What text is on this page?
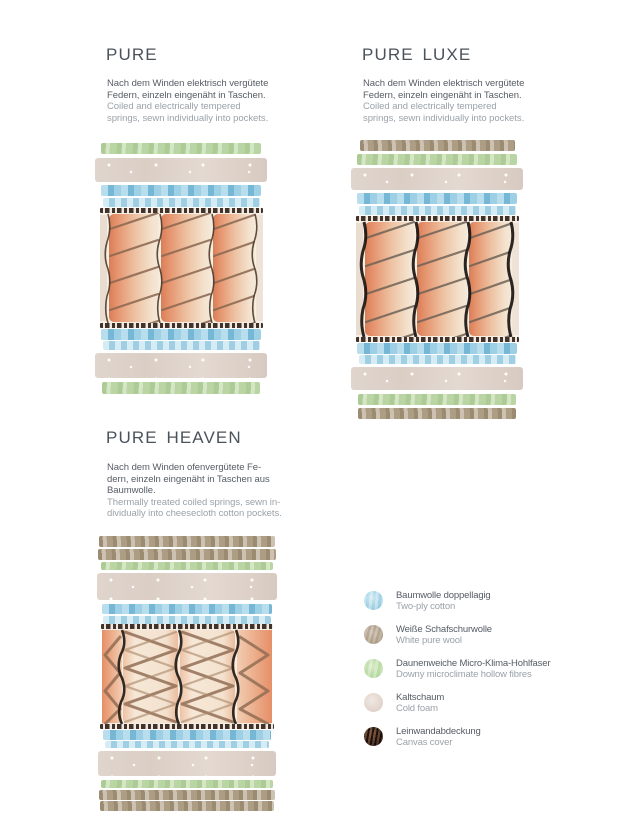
PURE
Nach dem Winden elektrisch vergütete
Federn, einzeln eingenäht in Taschen.
Coiled and electrically tempered
springs, sewn individually into pockets.
PURE LUXE
Nach dem Winden elektrisch vergütete
Federn, einzeln eingenäht in Taschen.
Coiled and electrically tempered
springs, sewn individually into pockets.
PURE HEAVEN
Nach dem Winden ofenvergütete Fe-
dern, einzeln eingenäht in Taschen aus
Baumwolle.
Thermally treated coiled springs, sewn in-
dividually into cheesecloth cotton pockets.
Baumwolle doppellagig
Two-ply cotton
Weiße Schafschurwolle
White pure wool
Daunenweiche Micro-Klima-Hohlfaser
Downy microclimate hollow fibres
Kaltschaum
Cold foam
Leinwandabdeckung
Canvas cover
